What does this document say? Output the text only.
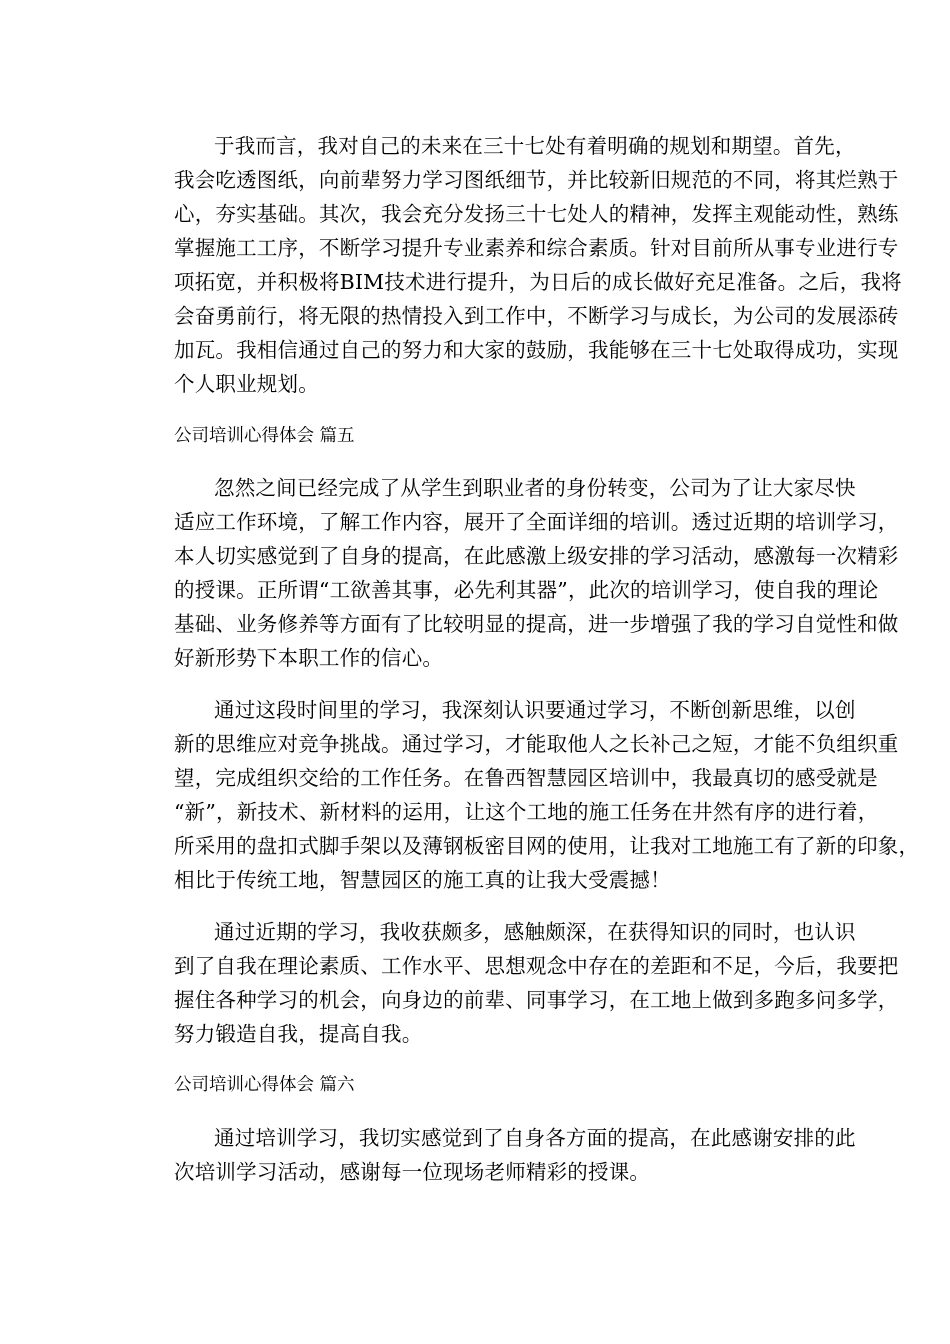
于我而言，我对自己的未来在三十七处有着明确的规划和期望。首先，
我会吃透图纸，向前辈努力学习图纸细节，并比较新旧规范的不同，将其烂熟于
心，夯实基础。其次，我会充分发扬三十七处人的精神，发挥主观能动性，熟练
掌握施工工序，不断学习提升专业素养和综合素质。针对目前所从事专业进行专
项拓宽，并积极将BIM技术进行提升，为日后的成长做好充足准备。之后，我将
会奋勇前行，将无限的热情投入到工作中，不断学习与成长，为公司的发展添砖
加瓦。我相信通过自己的努力和大家的鼓励，我能够在三十七处取得成功，实现
个人职业规划。
公司培训心得体会 篇五
忽然之间已经完成了从学生到职业者的身份转变，公司为了让大家尽快
适应工作环境，了解工作内容，展开了全面详细的培训。透过近期的培训学习，
本人切实感觉到了自身的提高，在此感激上级安排的学习活动，感激每一次精彩
的授课。正所谓“工欲善其事，必先利其器”，此次的培训学习，使自我的理论
基础、业务修养等方面有了比较明显的提高，进一步增强了我的学习自觉性和做
好新形势下本职工作的信心。
通过这段时间里的学习，我深刻认识要通过学习，不断创新思维，以创
新的思维应对竞争挑战。通过学习，才能取他人之长补己之短，才能不负组织重
望，完成组织交给的工作任务。在鲁西智慧园区培训中，我最真切的感受就是
“新”，新技术、新材料的运用，让这个工地的施工任务在井然有序的进行着，
所采用的盘扣式脚手架以及薄钢板密目网的使用，让我对工地施工有了新的印象，
相比于传统工地，智慧园区的施工真的让我大受震撼！
通过近期的学习，我收获颇多，感触颇深，在获得知识的同时，也认识
到了自我在理论素质、工作水平、思想观念中存在的差距和不足，今后，我要把
握住各种学习的机会，向身边的前辈、同事学习，在工地上做到多跑多问多学，
努力锻造自我，提高自我。
公司培训心得体会 篇六
通过培训学习，我切实感觉到了自身各方面的提高，在此感谢安排的此
次培训学习活动，感谢每一位现场老师精彩的授课。
